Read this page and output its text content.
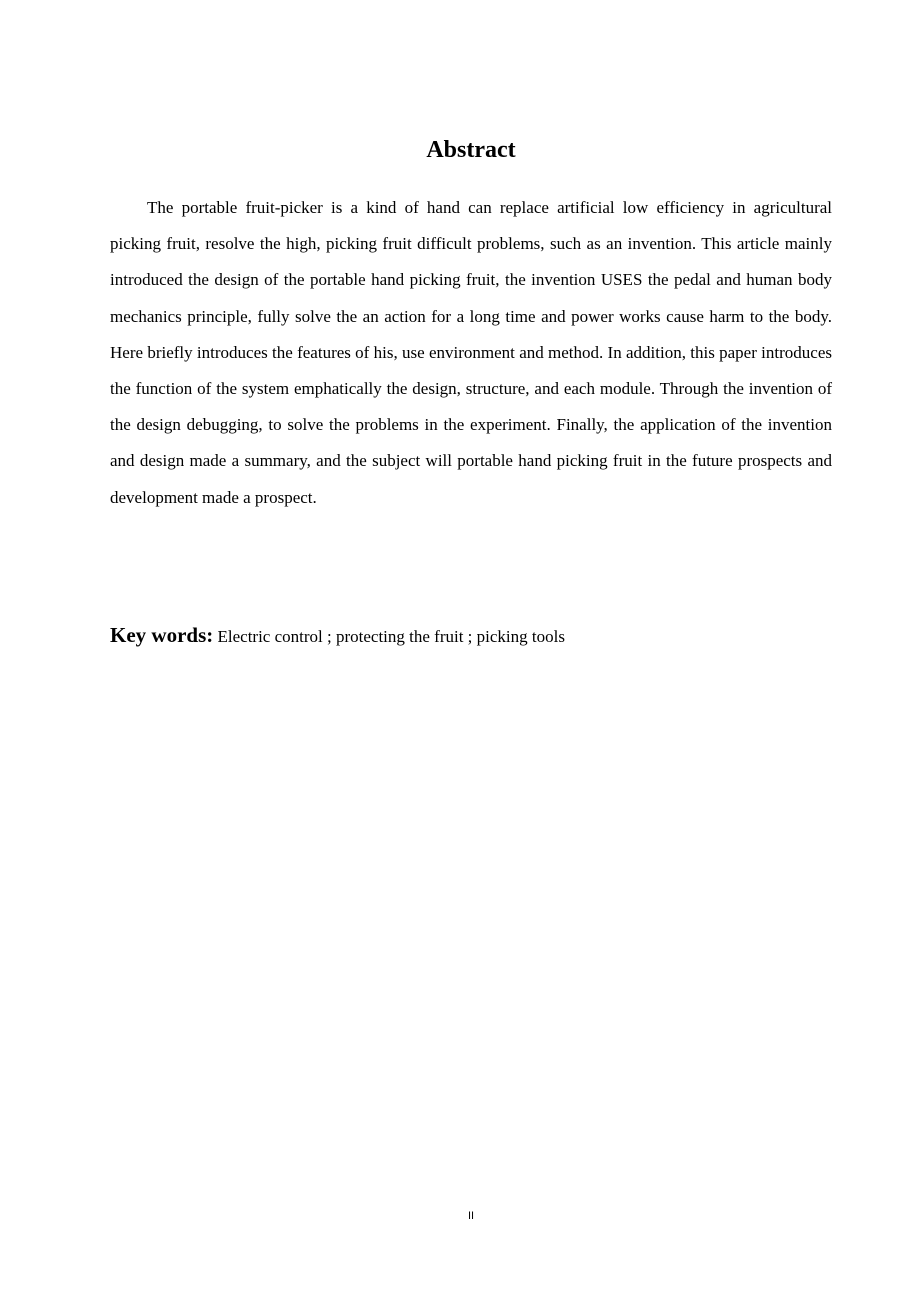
Abstract

The portable fruit-picker is a kind of hand can replace artificial low efficiency in agricultural picking fruit, resolve the high, picking fruit difficult problems, such as an invention. This article mainly introduced the design of the portable hand picking fruit, the invention USES the pedal and human body mechanics principle, fully solve the an action for a long time and power works cause harm to the body. Here briefly introduces the features of his, use environment and method. In addition, this paper introduces the function of the system emphatically the design, structure, and each module. Through the invention of the design debugging, to solve the problems in the experiment. Finally, the application of the invention and design made a summary, and the subject will portable hand picking fruit in the future prospects and development made a prospect.

Key words: Electric control ; protecting the fruit ; picking tools

II
